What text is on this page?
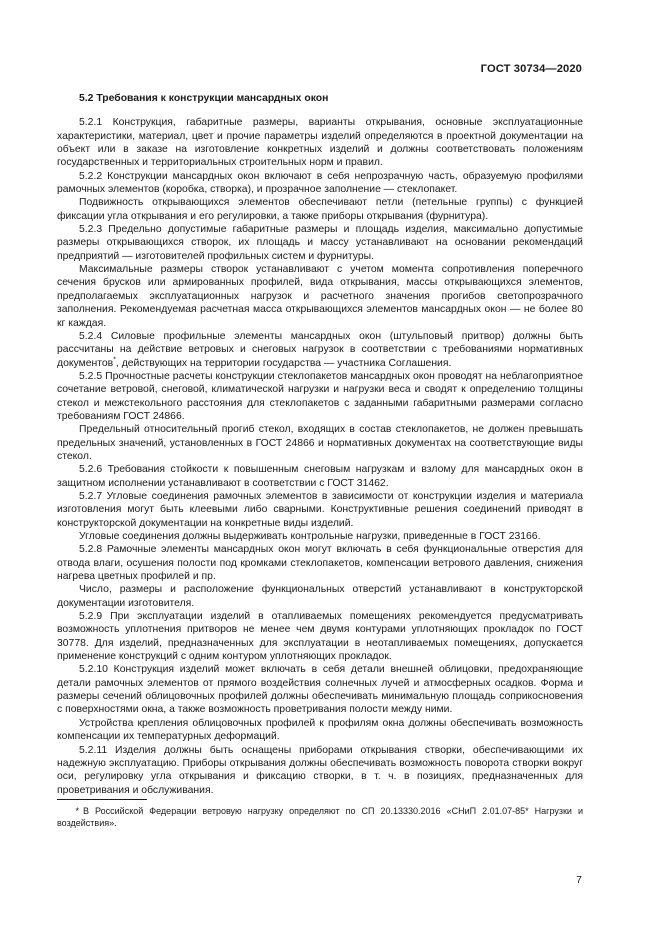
ГОСТ 30734—2020
5.2 Требования к конструкции мансардных окон

5.2.1 Конструкция, габаритные размеры, варианты открывания, основные эксплуатационные характеристики, материал, цвет и прочие параметры изделий определяются в проектной документации на объект или в заказе на изготовление конкретных изделий и должны соответствовать положениям государственных и территориальных строительных норм и правил.

5.2.2 Конструкции мансардных окон включают в себя непрозрачную часть, образуемую профилями рамочных элементов (коробка, створка), и прозрачное заполнение — стеклопакет.

Подвижность открывающихся элементов обеспечивают петли (петельные группы) с функцией фиксации угла открывания и его регулировки, а также приборы открывания (фурнитура).

5.2.3 Предельно допустимые габаритные размеры и площадь изделия, максимально допустимые размеры открывающихся створок, их площадь и массу устанавливают на основании рекомендаций предприятий — изготовителей профильных систем и фурнитуры.

Максимальные размеры створок устанавливают с учетом момента сопротивления поперечного сечения брусков или армированных профилей, вида открывания, массы открывающихся элементов, предполагаемых эксплуатационных нагрузок и расчетного значения прогибов светопрозрачного заполнения. Рекомендуемая расчетная масса открывающихся элементов мансардных окон — не более 80 кг каждая.

5.2.4 Силовые профильные элементы мансардных окон (штульповый притвор) должны быть рассчитаны на действие ветровых и снеговых нагрузок в соответствии с требованиями нормативных документов*, действующих на территории государства — участника Соглашения.

5.2.5 Прочностные расчеты конструкции стеклопакетов мансардных окон проводят на неблагоприятное сочетание ветровой, снеговой, климатической нагрузки и нагрузки веса и сводят к определению толщины стекол и межстекольного расстояния для стеклопакетов с заданными габаритными размерами согласно требованиям ГОСТ 24866.

Предельный относительный прогиб стекол, входящих в состав стеклопакетов, не должен превышать предельных значений, установленных в ГОСТ 24866 и нормативных документах на соответствующие виды стекол.

5.2.6 Требования стойкости к повышенным снеговым нагрузкам и взлому для мансардных окон в защитном исполнении устанавливают в соответствии с ГОСТ 31462.

5.2.7 Угловые соединения рамочных элементов в зависимости от конструкции изделия и материала изготовления могут быть клеевыми либо сварными. Конструктивные решения соединений приводят в конструкторской документации на конкретные виды изделий.

Угловые соединения должны выдерживать контрольные нагрузки, приведенные в ГОСТ 23166.

5.2.8 Рамочные элементы мансардных окон могут включать в себя функциональные отверстия для отвода влаги, осушения полости под кромками стеклопакетов, компенсации ветрового давления, снижения нагрева цветных профилей и пр.

Число, размеры и расположение функциональных отверстий устанавливают в конструкторской документации изготовителя.

5.2.9 При эксплуатации изделий в отапливаемых помещениях рекомендуется предусматривать возможность уплотнения притворов не менее чем двумя контурами уплотняющих прокладок по ГОСТ 30778. Для изделий, предназначенных для эксплуатации в неотапливаемых помещениях, допускается применение конструкций с одним контуром уплотняющих прокладок.

5.2.10 Конструкция изделий может включать в себя детали внешней облицовки, предохраняющие детали рамочных элементов от прямого воздействия солнечных лучей и атмосферных осадков. Форма и размеры сечений облицовочных профилей должны обеспечивать минимальную площадь соприкосновения с поверхностями окна, а также возможность проветривания полости между ними.

Устройства крепления облицовочных профилей к профилям окна должны обеспечивать возможность компенсации их температурных деформаций.

5.2.11 Изделия должны быть оснащены приборами открывания створки, обеспечивающими их надежную эксплуатацию. Приборы открывания должны обеспечивать возможность поворота створки вокруг оси, регулировку угла открывания и фиксацию створки, в т. ч. в позициях, предназначенных для проветривания и обслуживания.

* В Российской Федерации ветровую нагрузку определяют по СП 20.13330.2016 «СНиП 2.01.07-85* Нагрузки и воздействия».
7
